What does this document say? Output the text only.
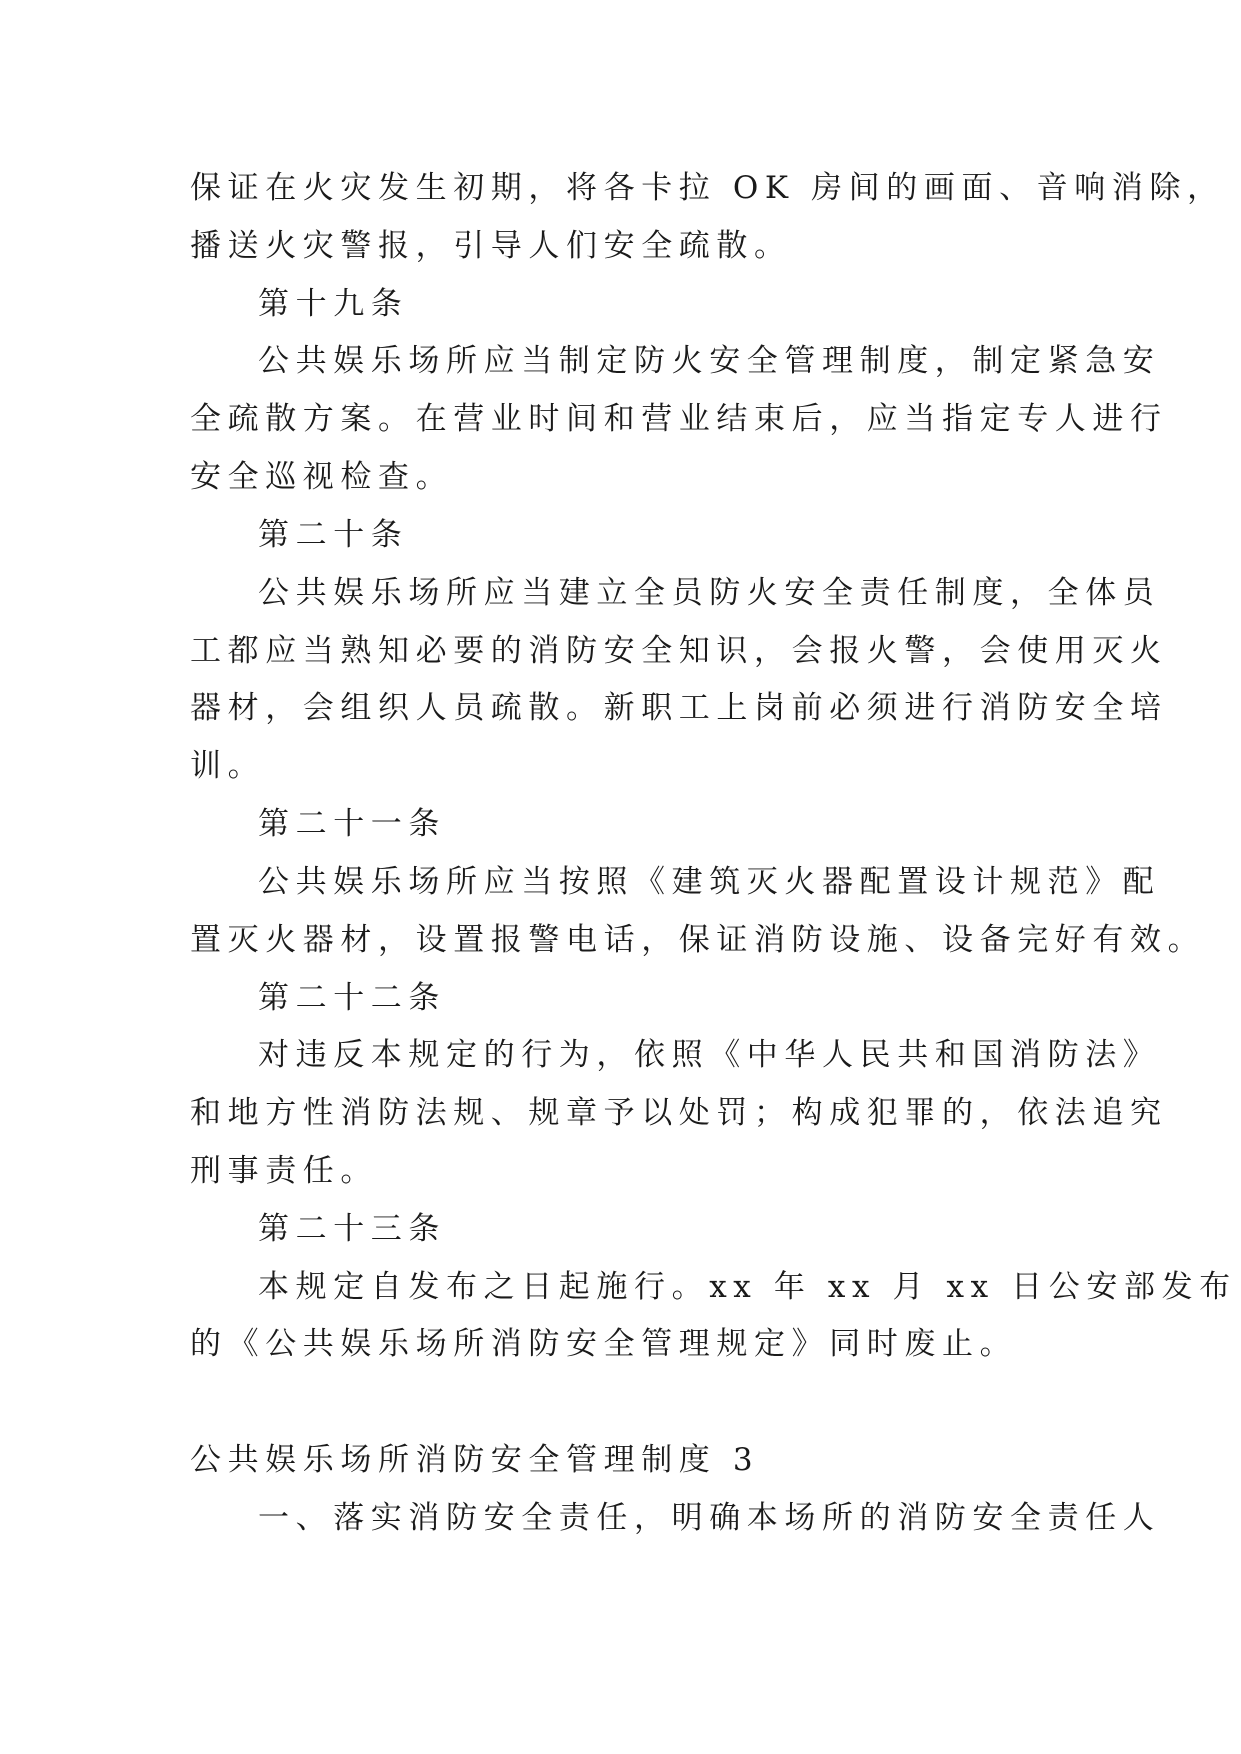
保证在火灾发生初期，将各卡拉 OK 房间的画面、音响消除，

播送火灾警报，引导人们安全疏散。

第十九条

公共娱乐场所应当制定防火安全管理制度，制定紧急安

全疏散方案。在营业时间和营业结束后，应当指定专人进行

安全巡视检查。

第二十条

公共娱乐场所应当建立全员防火安全责任制度，全体员

工都应当熟知必要的消防安全知识，会报火警，会使用灭火

器材，会组织人员疏散。新职工上岗前必须进行消防安全培

训。

第二十一条

公共娱乐场所应当按照《建筑灭火器配置设计规范》配

置灭火器材，设置报警电话，保证消防设施、设备完好有效。

第二十二条

对违反本规定的行为，依照《中华人民共和国消防法》

和地方性消防法规、规章予以处罚；构成犯罪的，依法追究

刑事责任。

第二十三条

本规定自发布之日起施行。xx 年 xx 月 xx 日公安部发布

的《公共娱乐场所消防安全管理规定》同时废止。

公共娱乐场所消防安全管理制度 3

一、落实消防安全责任，明确本场所的消防安全责任人
